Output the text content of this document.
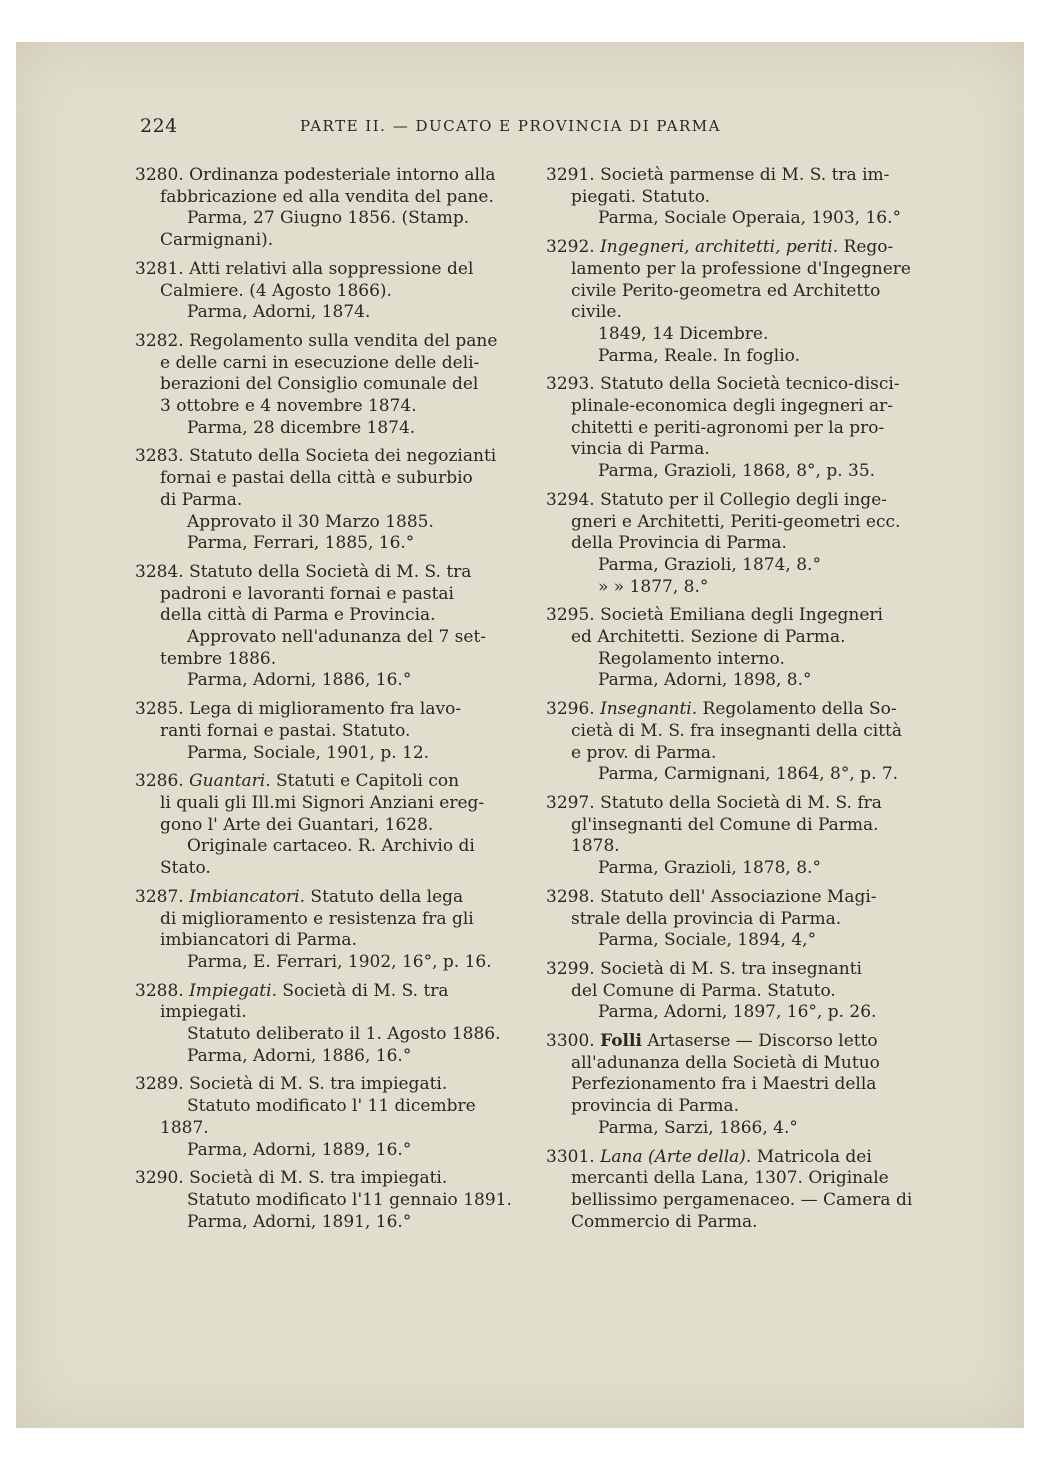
224	PARTE II. — DUCATO E PROVINCIA DI PARMA
3280. Ordinanza podesteriale intorno alla
fabbricazione ed alla vendita del pane.
Parma, 27 Giugno 1856. (Stamp.
Carmignani).
3281. Atti relativi alla soppressione del
Calmiere. (4 Agosto 1866).
Parma, Adorni, 1874.
3282. Regolamento sulla vendita del pane
e delle carni in esecuzione delle deli-
berazioni del Consiglio comunale del
3 ottobre e 4 novembre 1874.
Parma, 28 dicembre 1874.
3283. Statuto della Societa dei negozianti
fornai e pastai della città e suburbio
di Parma.
Approvato il 30 Marzo 1885.
Parma, Ferrari, 1885, 16.°
3284. Statuto della Società di M. S. tra
padroni e lavoranti fornai e pastai
della città di Parma e Provincia.
Approvato nell'adunanza del 7 set-
tembre 1886.
Parma, Adorni, 1886, 16.°
3285. Lega di miglioramento fra lavo-
ranti fornai e pastai. Statuto.
Parma, Sociale, 1901, p. 12.
3286. Guantari. Statuti e Capitoli con
li quali gli Ill.mi Signori Anziani ereg-
gono l' Arte dei Guantari, 1628.
Originale cartaceo. R. Archivio di
Stato.
3287. Imbiancatori. Statuto della lega
di miglioramento e resistenza fra gli
imbiancatori di Parma.
Parma, E. Ferrari, 1902, 16°, p. 16.
3288. Impiegati. Società di M. S. tra
impiegati.
Statuto deliberato il 1. Agosto 1886.
Parma, Adorni, 1886, 16.°
3289. Società di M. S. tra impiegati.
Statuto modificato l' 11 dicembre
1887.
Parma, Adorni, 1889, 16.°
3290. Società di M. S. tra impiegati.
Statuto modificato l'11 gennaio 1891.
Parma, Adorni, 1891, 16.°
3291. Società parmense di M. S. tra im-
piegati. Statuto.
Parma, Sociale Operaia, 1903, 16.°
3292. Ingegneri, architetti, periti. Rego-
lamento per la professione d'Ingegnere
civile Perito-geometra ed Architetto
civile.
1849, 14 Dicembre.
Parma, Reale. In foglio.
3293. Statuto della Società tecnico-disci-
plinale-economica degli ingegneri ar-
chitetti e periti-agronomi per la pro-
vincia di Parma.
Parma, Grazioli, 1868, 8°, p. 35.
3294. Statuto per il Collegio degli inge-
gneri e Architetti, Periti-geometri ecc.
della Provincia di Parma.
Parma, Grazioli, 1874, 8.°
» » 1877, 8.°
3295. Società Emiliana degli Ingegneri
ed Architetti. Sezione di Parma.
Regolamento interno.
Parma, Adorni, 1898, 8.°
3296. Insegnanti. Regolamento della So-
cietà di M. S. fra insegnanti della città
e prov. di Parma.
Parma, Carmignani, 1864, 8°, p. 7.
3297. Statuto della Società di M. S. fra
gl'insegnanti del Comune di Parma.
1878.
Parma, Grazioli, 1878, 8.°
3298. Statuto dell' Associazione Magi-
strale della provincia di Parma.
Parma, Sociale, 1894, 4,°
3299. Società di M. S. tra insegnanti
del Comune di Parma. Statuto.
Parma, Adorni, 1897, 16°, p. 26.
3300. Folli Artaserse — Discorso letto
all'adunanza della Società di Mutuo
Perfezionamento fra i Maestri della
provincia di Parma.
Parma, Sarzi, 1866, 4.°
3301. Lana (Arte della). Matricola dei
mercanti della Lana, 1307. Originale
bellissimo pergamenaceo. — Camera di
Commercio di Parma.
